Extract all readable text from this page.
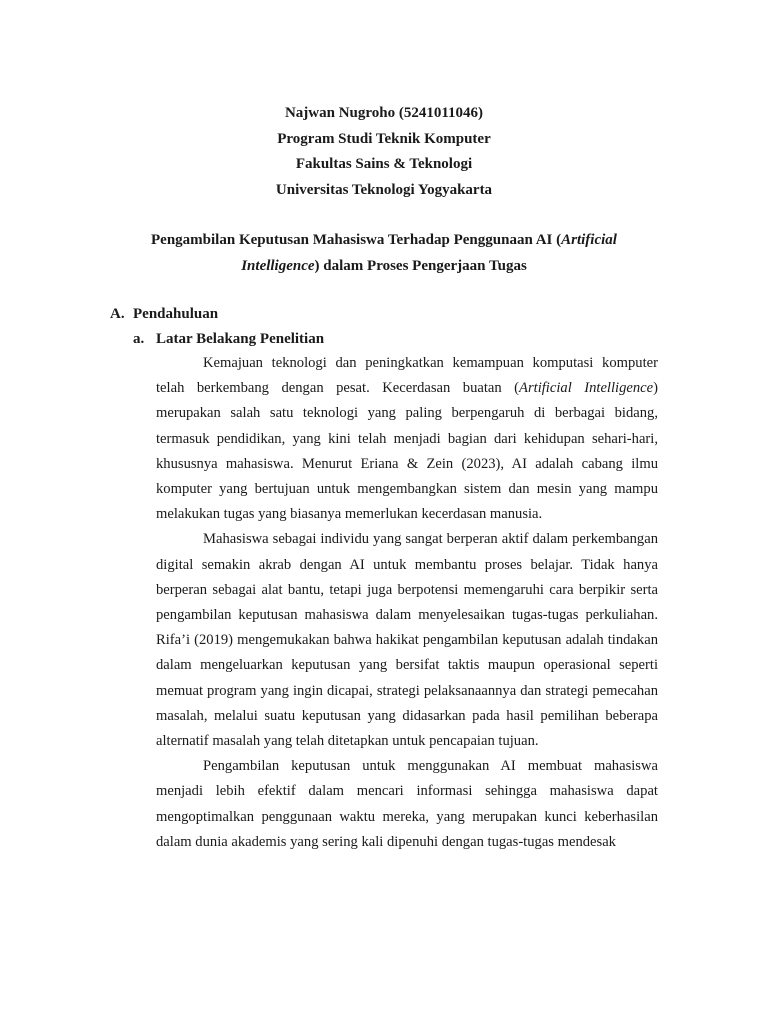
Najwan Nugroho (5241011046)
Program Studi Teknik Komputer
Fakultas Sains & Teknologi
Universitas Teknologi Yogyakarta
Pengambilan Keputusan Mahasiswa Terhadap Penggunaan AI (Artificial
Intelligence) dalam Proses Pengerjaan Tugas
A. Pendahuluan
a. Latar Belakang Penelitian

Kemajuan teknologi dan peningkatkan kemampuan komputasi komputer telah berkembang dengan pesat. Kecerdasan buatan (Artificial Intelligence) merupakan salah satu teknologi yang paling berpengaruh di berbagai bidang, termasuk pendidikan, yang kini telah menjadi bagian dari kehidupan sehari-hari, khususnya mahasiswa. Menurut Eriana & Zein (2023), AI adalah cabang ilmu komputer yang bertujuan untuk mengembangkan sistem dan mesin yang mampu melakukan tugas yang biasanya memerlukan kecerdasan manusia.

Mahasiswa sebagai individu yang sangat berperan aktif dalam perkembangan digital semakin akrab dengan AI untuk membantu proses belajar. Tidak hanya berperan sebagai alat bantu, tetapi juga berpotensi memengaruhi cara berpikir serta pengambilan keputusan mahasiswa dalam menyelesaikan tugas-tugas perkuliahan. Rifa’i (2019) mengemukakan bahwa hakikat pengambilan keputusan adalah tindakan dalam mengeluarkan keputusan yang bersifat taktis maupun operasional seperti memuat program yang ingin dicapai, strategi pelaksanaannya dan strategi pemecahan masalah, melalui suatu keputusan yang didasarkan pada hasil pemilihan beberapa alternatif masalah yang telah ditetapkan untuk pencapaian tujuan.

Pengambilan keputusan untuk menggunakan AI membuat mahasiswa menjadi lebih efektif dalam mencari informasi sehingga mahasiswa dapat mengoptimalkan penggunaan waktu mereka, yang merupakan kunci keberhasilan dalam dunia akademis yang sering kali dipenuhi dengan tugas-tugas mendesak
